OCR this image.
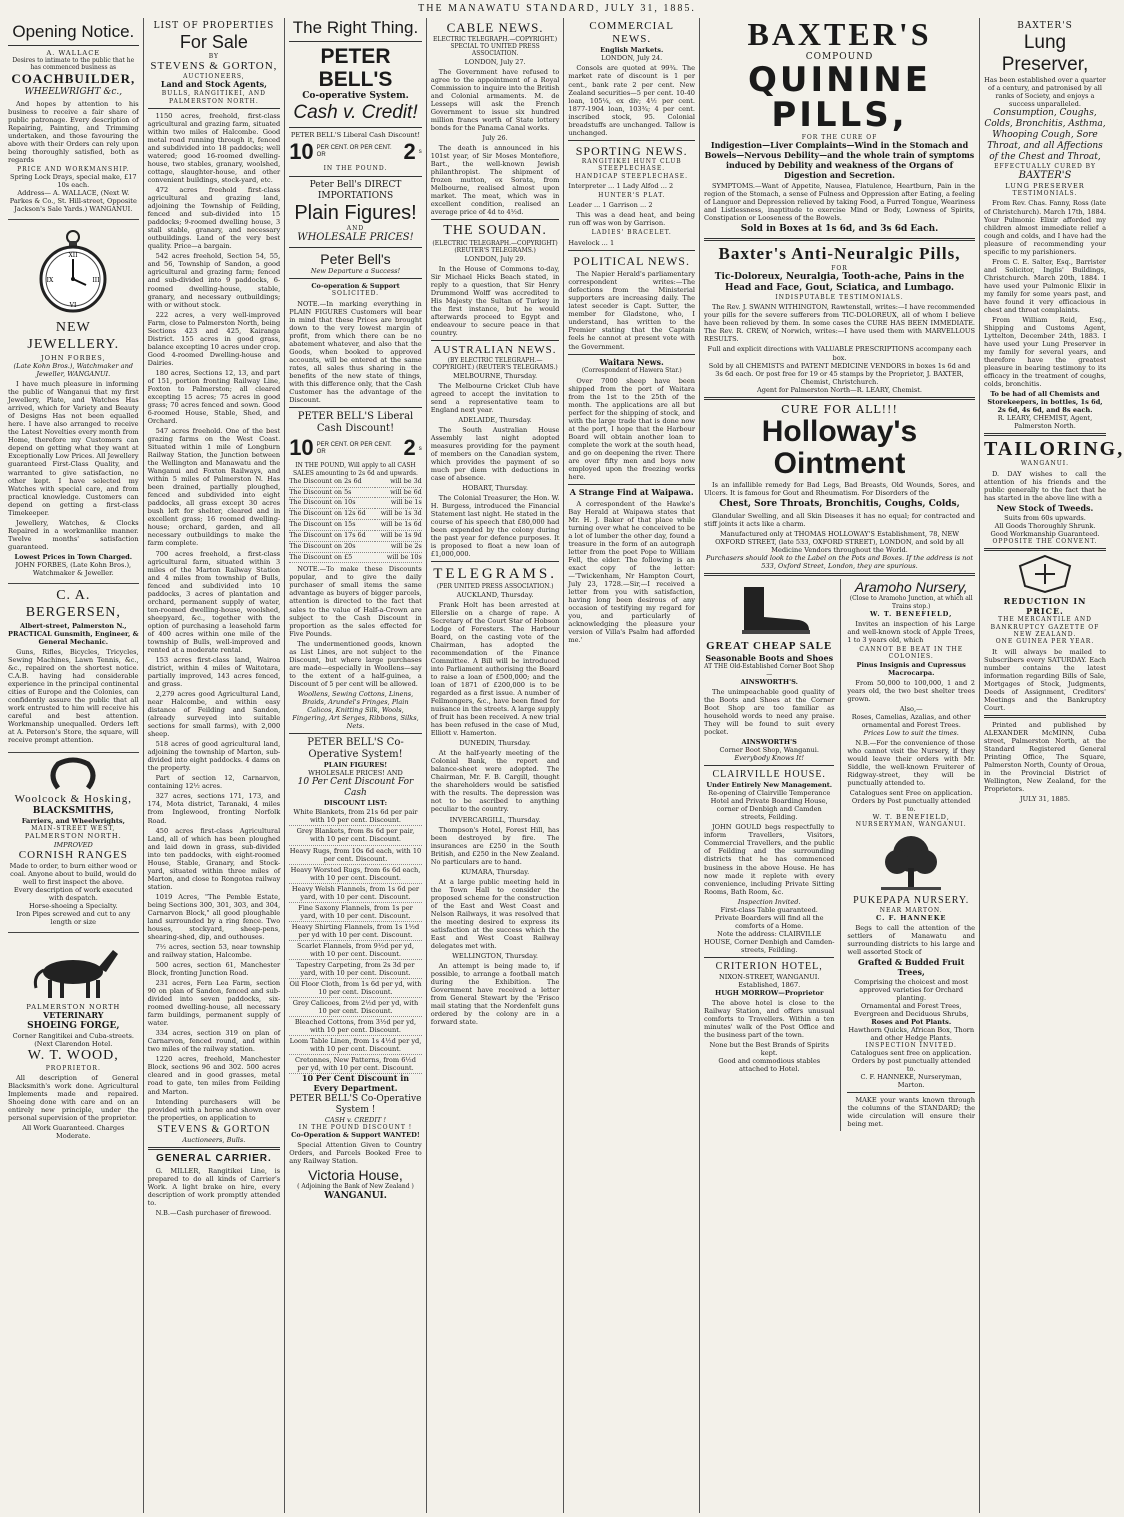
THE MANAWATU STANDARD, JULY 31, 1885.
Opening Notice.
A. WALLACE
Desires to intimate to the public that he has commenced business as
COACHBUILDER,
WHEELWRIGHT &c.,
And hopes by attention to his business to receive a fair share of public patronage. Every description of Repairing, Painting, and Trimming undertaken, and those favouring the above with their Orders can rely upon being thoroughly satisfied, both as regards
PRICE AND WORKMANSHIP.
Spring Lock Drays, special make, £17 10s each.
Address— A. WALLACE, (Next W. Parkes & Co., St. Hill-street, Opposite Jackson's Sale Yards.) WANGANUI.
XII
III
VI
IX
NEW JEWELLERY.
JOHN FORBES,
(Late Kohn Bros.), Watchmaker and Jeweller, WANGANUI.
I have much pleasure in informing the public of Wanganui that my first Jewellery, Plate, and Watches Has arrived, which for Variety and Beauty of Designs Has not been equalled here. I have also arranged to receive the Latest Novelties every month from Home, therefore my Customers can depend on getting what they want at Exceptionally Low Prices. All Jewellery guaranteed First-Class Quality, and warranted to give satisfaction, no other kept. I have selected my Watches with special care, and from practical knowledge. Customers can depend on getting a first-class Timekeeper.
Jewellery, Watches, & Clocks Repaired in a workmanlike manner. Twelve months' satisfaction guaranteed.
Lowest Prices in Town Charged.
JOHN FORBES, (Late Kohn Bros.), Watchmaker & Jeweller.
C. A. BERGERSEN,
Albert-street, Palmerston N., PRACTICAL Gunsmith, Engineer, & General Mechanic.
Guns, Rifles, Bicycles, Tricycles, Sewing Machines, Lawn Tennis, &c., &c., repaired on the shortest notice. C.A.B. having had considerable experience in the principal continental cities of Europe and the Colonies, can confidently assure the public that all work entrusted to him will receive his careful and best attention. Workmanship unequalled. Orders left at A. Peterson's Store, the square, will receive prompt attention.
Woolcock & Hosking,
BLACKSMITHS,
Farriers, and Wheelwrights,
MAIN-STREET WEST,
PALMERSTON NORTH.
IMPROVED
CORNISH RANGES
Made to order, to burn either wood or coal. Anyone about to build, would do well to first inspect the above.
Every description of work executed with despatch.
Horse-shoeing a Specialty.
Iron Pipes screwed and cut to any length or size
PALMERSTON NORTH
VETERINARY
SHOEING FORGE,
Corner Rangitikei and Cuba-streets. (Next Clarendon Hotel.
W. T. WOOD,
PROPRIETOR.
All description of General Blacksmith's work done. Agricultural Implements made and repaired. Shoeing done with care and on an entirely new principle, under the personal supervision of the proprietor.
All Work Guaranteed. Charges Moderate.
LIST OF PROPERTIES
For Sale
BY
STEVENS & GORTON,
AUCTIONEERS,
Land and Stock Agents,
BULLS, RANGITIKEI, AND PALMERSTON NORTH.
1150 acres, freehold, first-class agricultural and grazing farm, situated within two miles of Halcombe. Good metal road running through it, fenced and subdivided into 18 paddocks; well watered; good 16-roomed dwelling-house, two stables, granary, woolshed, cottage, slaughter-house, and other convenient buildings, stock-yard, etc.
472 acres freehold first-class agricultural and grazing land, adjoining the Township of Feilding, fenced and sub-divided into 15 paddocks; 9-roomed dwelling house, 3 stall stable, granary, and necessary outbuildings. Land of the very best quality. Price—a bargain.
542 acres freehold, Section 54, 55, and 56, Township of Sandon, a good agricultural and grazing farm; fenced and sub-divided into 9 paddocks, 6-roomed dwelling-house, stable, granary, and necessary outbuildings; with or without stock.
222 acres, a very well-improved Farm, close to Palmerston North, being Sections 423 and 425, Kairanga District. 155 acres in good grass, balance excepting 10 acres under crop. Good 4-roomed Dwelling-house and Dairies.
180 acres, Sections 12, 13, and part of 151, portion fronting Railway Line, Foxton to Palmerston; all cleared excepting 15 acres; 75 acres in good grass; 70 acres fenced and sown. Good 6-roomed House, Stable, Shed, and Orchard.
547 acres freehold. One of the best grazing farms on the West Coast. Situated within 1 mile of Longburn Railway Station, the Junction between the Wellington and Manawatu and the Wanganui and Foxton Railways, and within 5 miles of Palmerston N. Has been drained, partially ploughed, fenced and subdivided into eight paddocks, all grass except 30 acres bush left for shelter, cleared and in excellent grass; 16 roomed dwelling-house; orchard, garden, and all necessary outbuildings to make the farm complete.
700 acres freehold, a first-class agricultural farm, situated within 3 miles of the Marton Railway Station and 4 miles from township of Bulls, fenced and subdivided into 10 paddocks, 3 acres of plantation and orchard, permanent supply of water, ten-roomed dwelling-house, woolshed, sheepyard, &c., together with the option of purchasing a leasehold farm of 400 acres within one mile of the township of Bulls, well-improved and rented at a moderate rental.
153 acres first-class land, Wairoa district, within 4 miles of Waitotara, partially improved, 143 acres fenced, and grass.
2,279 acres good Agricultural Land, near Halcombe, and within easy distance of Feilding and Sandon, (already surveyed into suitable sections for small farms), with 2,000 sheep.
518 acres of good agricultural land, adjoining the township of Marton, sub-divided into eight paddocks. 4 dams on the property.
Part of section 12, Carnarvon, containing 12½ acres.
327 acres, sections 171, 173, and 174, Mota district, Taranaki, 4 miles from Inglewood, fronting Norfolk Road.
450 acres first-class Agricultural Land, all of which has been ploughed and laid down in grass, sub-divided into ten paddocks, with eight-roomed House, Stable, Granary, and Stock-yard, situated within three miles of Marton, and close to Rongotea railway station.
1019 Acres, "The Pemble Estate, being Sections 300, 301, 303, and 304, Carnarvon Block," all good ploughable land surrounded by a ring fence. Two houses, stockyard, sheep-pens, shearing-shed, dip, and outhouses.
7½ acres, section 53, near township and railway station, Halcombe.
500 acres, section 61, Manchester Block, fronting Junction Road.
231 acres, Fern Lea Farm, section 90 on plan of Sandon, fenced and sub-divided into seven paddocks, six-roomed dwelling-house, all necessary farm buildings, permanent supply of water.
334 acres, section 319 on plan of Carnarvon, fenced round, and within two miles of the railway station.
1220 acres, freehold, Manchester Block, sections 96 and 302. 500 acres cleared and in good grasses, metal road to gate, ten miles from Feilding and Marton.
Intending purchasers will be provided with a horse and shown over the properties, on application to
STEVENS & GORTON
Auctioneers, Bulls.
GENERAL CARRIER.
G. MILLER, Rangitikei Line, is prepared to do all kinds of Carrier's Work. A light brake on hire, every description of work promptly attended to.
N.B.—Cash purchaser of firewood.
The Right Thing.
PETER BELL'S
Co-operative System.
Cash v. Credit!
PETER BELL'S Liberal Cash Discount!
10 PER CENT. OR PER CENT. OR	2 s
IN THE POUND.
Peter Bell's DIRECT IMPORTATIONS
Plain Figures!
AND
WHOLESALE PRICES!
Peter Bell's
New Departure a Success!
Co-operation & Support
SOLICITED.
NOTE.—In marking everything in PLAIN FIGURES Customers will bear in mind that these Prices are brought down to the very lowest margin of profit, from which there can be no abatement whatever, and also that the Goods, when booked to approved accounts, will be entered at the same rates, all sales thus sharing in the benefits of the new state of things, with this difference only, that the Cash Customer has the advantage of the Discount.
PETER BELL'S Liberal Cash Discount!
10 PER CENT. OR PER CENT. OR	2 s
IN THE POUND, Will apply to all CASH SALES amounting to 2s 6d and upwards.
The Discount on 2s 6d	will be 3d
The Discount on 5s	will be 6d
The Discount on 10s	will be 1s
The Discount on 12s 6d	will be 1s 3d
The Discount on 15s	will be 1s 6d
The Discount on 17s 6d	will be 1s 9d
The Discount on 20s	will be 2s
The Discount on £5	will be 10s
NOTE.—To make these Discounts popular, and to give the daily purchaser of small items the same advantage as buyers of bigger parcels, attention is directed to the fact that sales to the value of Half-a-Crown are subject to the Cash Discount in proportion as the sales effected for Five Pounds.
The undermentioned goods, known as List Lines, are not subject to the Discount, but where large purchases are made—especially in Woollens—say to the extent of a half-guinea, a Discount of 5 per cent will be allowed.
Woollens, Sewing Cottons, Linens, Braids, Arundel's Fringes, Plain Calicos, Knitting Silk, Wools, Fingering, Art Serges, Ribbons, Silks, Nets.
PETER BELL'S Co-Operative System!
PLAIN FIGURES!
WHOLESALE PRICES! AND
10 Per Cent Discount For Cash
DISCOUNT LIST:
White Blankets, from 21s 6d per pair with 10 per cent. Discount.
Grey Blankets, from 8s 6d per pair, with 10 per cent. Discount.
Heavy Rugs, from 10s 6d each, with 10 per cent. Discount.
Heavy Worsted Rugs, from 6s 6d each, with 10 per cent. Discount.
Heavy Welsh Flannels, from 1s 6d per yard, with 10 per cent. Discount.
Fine Saxony Flannels, from 1s per yard, with 10 per cent. Discount.
Heavy Shirting Flannels, from 1s 1½d per yd with 10 per cent. Discount.
Scarlet Flannels, from 9½d per yd, with 10 per cent. Discount.
Tapestry Carpeting, from 2s 3d per yard, with 10 per cent. Discount.
Oil Floor Cloth, from 1s 6d per yd, with 10 per cent. Discount.
Grey Calicoes, from 2½d per yd, with 10 per cent. Discount.
Bleached Cottons, from 3½d per yd, with 10 per cent. Discount.
Loom Table Linen, from 1s 4½d per yd, with 10 per cent. Discount.
Cretonnes, New Patterns, from 6½d per yd, with 10 per cent. Discount.
10 Per Cent Discount in Every Department.
PETER BELL'S Co-Operative System !
CASH v. CREDIT !
IN THE POUND DISCOUNT !
Co-Operation & Support WANTED!
Special Attention Given to Country Orders, and Parcels Booked Free to any Railway Station.
Victoria House,
( Adjoining the Bank of New Zealand )
WANGANUI.
CABLE NEWS.
ELECTRIC TELEGRAPH.—COPYRIGHT.) SPECIAL TO UNITED PRESS ASSOCIATION.
LONDON, July 27.
The Government have refused to agree to the appointment of a Royal Commission to inquire into the British and Colonial armaments. M. de Lesseps will ask the French Government to issue six hundred million francs worth of State lottery bonds for the Panama Canal works.
July 26.
The death is announced in his 101st year, of Sir Moses Montefiore, Bart., the well-known Jewish philanthropist. The shipment of frozen mutton, ex Sorata, from Melbourne, realised almost upon market. The meat, which was in excellent condition, realised an average price of 4d to 4½d.
THE SOUDAN.
(ELECTRIC TELEGRAPH.—COPYRIGHT) (REUTER'S TELEGRAMS.)
LONDON, July 29.
In the House of Commons to-day, Sir Michael Hicks Beach stated, in reply to a question, that Sir Henry Drummond Wolff was accredited to His Majesty the Sultan of Turkey in the first instance, but he would afterwards proceed to Egypt and endeavour to secure peace in that country.
AUSTRALIAN NEWS.
(BY ELECTRIC TELEGRAPH.—COPYRIGHT.) (REUTER'S TELEGRAMS.)
MELBOURNE, Thursday.
The Melbourne Cricket Club have agreed to accept the invitation to send a representative team to England next year.
ADELAIDE, Thursday.
The South Australian House Assembly last night adopted measures providing for the payment of members on the Canadian system, which provides the payment of so much per diem with deductions in case of absence.
HOBART, Thursday.
The Colonial Treasurer, the Hon. W. H. Burgess, introduced the Financial Statement last night. He stated in the course of his speech that £80,000 had been expended by the colony during the past year for defence purposes. It is proposed to float a new loan of £1,000,000.
TELEGRAMS.
(PER UNITED PRESS ASSOCIATION.)
AUCKLAND, Thursday.
Frank Holt has been arrested at Ellerslie on a charge of rape. A Secretary of the Court Star of Hobson Lodge of Foresters. The Harbour Board, on the casting vote of the Chairman, has adopted the recommendation of the Finance Committee. A Bill will be introduced into Parliament authorising the Board to raise a loan of £500,000; and the loan of 1871 of £200,000 is to be regarded as a first issue. A number of Fellmongers, &c., have been fined for nuisance in the streets. A large supply of fruit has been received. A new trial has been refused in the case of Mud, Elliott v. Hamerton.
DUNEDIN, Thursday.
At the half-yearly meeting of the Colonial Bank, the report and balance-sheet were adopted. The Chairman, Mr. F. B. Cargill, thought the shareholders would be satisfied with the results. The depression was not to be ascribed to anything peculiar to the country.
INVERCARGILL, Thursday.
Thompson's Hotel, Forest Hill, has been destroyed by fire. The insurances are £250 in the South British, and £250 in the New Zealand. No particulars are to hand.
KUMARA, Thursday.
At a large public meeting held in the Town Hall to consider the proposed scheme for the construction of the East and West Coast and Nelson Railways, it was resolved that the meeting desired to express its satisfaction at the success which the East and West Coast Railway delegates met with.
WELLINGTON, Thursday.
An attempt is being made to, if possible, to arrange a football match during the Exhibition. The Government have received a letter from General Stewart by the 'Frisco mail stating that the Nordenfelt guns ordered by the colony are in a forward state.
COMMERCIAL NEWS.
English Markets.
LONDON, July 24.
Consols are quoted at 99¾. The market rate of discount is 1 per cent., bank rate 2 per cent. New Zealand securities—5 per cent. 10-40 loan, 105¼, ex div; 4½ per cent. 1877-1904 loan, 103¾; 4 per cent. inscribed stock, 95. Colonial breadstuffs are unchanged. Tallow is unchanged.
SPORTING NEWS.
RANGITIKEI HUNT CLUB STEEPLECHASE.
HANDICAP STEEPLECHASE.
Interpreter ... 1 Lady Alfod ... 2
HUNTER'S PLAT.
Leader ... 1 Garrison ... 2
This was a dead heat, and being run off was won by Garrison.
LADIES' BRACELET.
Havelock ... 1
POLITICAL NEWS.
The Napier Herald's parliamentary correspondent writes:—The defections from the Ministerial supporters are increasing daily. The latest seceder is Capt. Sutter, the member for Gladstone, who, I understand, has written to the Premier stating that the Captain feels he cannot at present vote with the Government.
Waitara News.
(Correspondent of Hawera Star.)
Over 7000 sheep have been shipped from the port of Waitara from the 1st to the 25th of the month. The applications are all but perfect for the shipping of stock, and with the large trade that is done now at the port, I hope that the Harbour Board will obtain another loan to complete the work at the south head, and go on deepening the river. There are over fifty men and boys now employed upon the freezing works here.
A Strange Find at Waipawa.
A correspondent of the Hawke's Bay Herald at Waipawa states that Mr. H. J. Baker of that place while turning over what he conceived to be a lot of lumber the other day, found a treasure in the form of an autograph letter from the poet Pope to William Fell, the elder. The following is an exact copy of the letter:—'Twickenham, Nr Hampton Court, July 23, 1728.—Sir,—I received a letter from you with satisfaction, having long been desirous of any occasion of testifying my regard for you, and particularly of acknowledging the pleasure your version of Villa's Psalm had afforded me.'
BAXTER'S
COMPOUND
QUININE PILLS,
FOR THE CURE OF
Indigestion—Liver Complaints—Wind in the Stomach and Bowels—Nervous Debility—and the whole train of symptoms induced by Debility and weakness of the Organs of Digestion and Secretion.
SYMPTOMS.—Want of Appetite, Nausea, Flatulence, Heartburn, Pain in the region of the Stomach, a sense of Fulness and Oppression after Eating, a feeling of Languor and Depression relieved by taking Food, a Furred Tongue, Weariness and Listlessness, inaptitude to exercise Mind or Body, Lowness of Spirits, Constipation or Looseness of the Bowels.
Sold in Boxes at 1s 6d, and 3s 6d Each.
Baxter's Anti-Neuralgic Pills,
FOR
Tic-Doloreux, Neuralgia, Tooth-ache, Pains in the Head and Face, Gout, Sciatica, and Lumbago.
INDISPUTABLE TESTIMONIALS.
The Rev. J. SWANN WITHINGTON, Rawtenstall, writes:—I have recommended your pills for the severe sufferers from TIC-DOLOREUX, all of whom I believe have been relieved by them. In some cases the CURE HAS BEEN IMMEDIATE. The Rev. R. CREW, of Norwich, writes:—I have used them with MARVELLOUS RESULTS.
Full and explicit directions with VALUABLE PRESCRIPTIONS accompany each box.
Sold by all CHEMISTS and PATENT MEDICINE VENDORS in boxes 1s 6d and 3s 6d each. Or post free for 19 or 45 stamps by the Proprietor, J. BAXTER, Chemist, Christchurch.
Agent for Palmerston North—R. LEARY, Chemist.
CURE FOR ALL!!!
Holloway's Ointment
Is an infallible remedy for Bad Legs, Bad Breasts, Old Wounds, Sores, and Ulcers. It is famous for Gout and Rheumatism. For Disorders of the
Chest, Sore Throats, Bronchitis, Coughs, Colds,
Glandular Swelling, and all Skin Diseases it has no equal; for contracted and stiff joints it acts like a charm.
Manufactured only at THOMAS HOLLOWAY'S Establishment, 78, NEW OXFORD STREET, (late 533, OXFORD STREET), LONDON, and sold by all Medicine Vendors throughout the World.
Purchasers should look to the Label on the Pots and Boxes. If the address is not 533, Oxford Street, London, they are spurious.
GREAT CHEAP SALE
Seasonable Boots and Shoes
AT THE Old-Established Corner Boot Shop—
AINSWORTH'S.
The unimpeachable good quality of the Boots and Shoes at the Corner Boot Shop are too familiar as household words to need any praise. They will be found to suit every pocket.
AINSWORTH'S
Corner Boot Shop, Wanganui.
Everybody Knows It!
CLAIRVILLE HOUSE.
Under Entirely New Management.
Re-opening of Clairville Temperance Hotel and Private Boarding House, corner of Denbigh and Camden streets, Feilding.
JOHN GOULD begs respectfully to inform Travellers, Visitors, Commercial Travellers, and the public of Feilding and the surrounding districts that he has commenced business in the above House. He has now made it replete with every convenience, including Private Sitting Rooms, Bath Room, &c.
Inspection Invited.
First-class Table guaranteed.
Private Boarders will find all the comforts of a Home.
Note the address: CLAIRVILLE HOUSE, Corner Denbigh and Camden-streets, Feilding.
CRITERION HOTEL,
NIXON-STREET, WANGANUI. Established, 1867.
HUGH MORROW—Proprietor
The above hotel is close to the Railway Station, and offers unusual comforts to Travellers. Within a ten minutes' walk of the Post Office and the business part of the town.
None but the Best Brands of Spirits kept.
Good and commodious stables attached to Hotel.
Aramoho Nursery,
(Close to Aramoho Junction, at which all Trains stop.)
W. T. BENEFIELD,
Invites an inspection of his Large and well-known stock of Apple Trees, 1 to 3 years old, which
CANNOT BE BEAT IN THE COLONIES.
Pinus Insignis and Cupressus Macrocarpa.
From 50,000 to 100,000, 1 and 2 years old, the two best shelter trees grown.
Also,—
Roses, Camelias, Azalias, and other ornamental and Forest Trees.
Prices Low to suit the times.
N.B.—For the convenience of those who cannot visit the Nursery, if they would leave their orders with Mr. Siddle, the well-known Fruiterer of Ridgway-street, they will be punctually attended to.
Catalogues sent Free on application.
Orders by Post punctually attended to.
W. T. BENEFIELD,
NURSERYMAN, WANGANUI.
PUKEPAPA NURSERY.
NEAR MARTON.
C. F. HANNEKE
Begs to call the attention of the settlers of Manawatu and surrounding districts to his large and well assorted Stock of
Grafted & Budded Fruit Trees,
Comprising the choicest and most approved varieties for Orchard planting.
Ornamental and Forest Trees, Evergreen and Deciduous Shrubs,
Roses and Pot Plants.
Hawthorn Quicks, African Box, Thorn and other Hedge Plants.
INSPECTION INVITED.
Catalogues sent free on application.
Orders by post punctually attended to.
C. F. HANNEKE, Nurseryman, Marton.
MAKE your wants known through the columns of the STANDARD; the wide circulation will ensure their being met.
BAXTER'S
Lung Preserver,
Has been established over a quarter of a century, and patronised by all ranks of Society, and enjoys a success unparalleled.
Consumption, Coughs, Colds, Bronchitis, Asthma, Whooping Cough, Sore Throat, and all Affections of the Chest and Throat,
EFFECTUALLY CURED BY
BAXTER'S
LUNG PRESERVER
TESTIMONIALS.
From Rev. Chas. Fanny, Ross (late of Christchurch). March 17th, 1884. Your Pulmonic Elixir afforded my children almost immediate relief a cough and colds, and I have had the pleasure of recommending your specific to my parishioners.
From C. E. Salter, Esq., Barrister and Solicitor, Inglis' Buildings, Christchurch. March 20th, 1884. I have used your Pulmonic Elixir in my family for some years past, and have found it very efficacious in chest and throat complaints.
From William Reid, Esq., Shipping and Customs Agent, Lyttelton, December 24th, 1883. I have used your Lung Preserver in my family for several years, and therefore have the greatest pleasure in bearing testimony to its efficacy in the treatment of coughs, colds, bronchitis.
To be had of all Chemists and Storekeepers, in bottles, 1s 6d, 2s 6d, 4s 6d, and 8s each.
R. LEARY, CHEMIST, Agent, Palmerston North.
TAILORING,
WANGANUI.
D. DAY wishes to call the attention of his friends and the public generally to the fact that he has started in the above line with a
New Stock of Tweeds.
Suits from 60s upwards.
All Goods Thoroughly Shrunk.
Good Workmanship Guaranteed.
OPPOSITE THE CONVENT.
REDUCTION IN PRICE.
THE MERCANTILE AND BANKRUPTCY GAZETTE OF NEW ZEALAND.
ONE GUINEA PER YEAR.
It will always be mailed to Subscribers every SATURDAY. Each number contains the latest information regarding Bills of Sale, Mortgages of Stock, Judgments, Deeds of Assignment, Creditors' Meetings and the Bankruptcy Court.
Printed and published by ALEXANDER McMINN, Cuba street, Palmerston North, at the Standard Registered General Printing Office, The Square, Palmerston North, County of Oroua, in the Provincial District of Wellington, New Zealand, for the Proprietors.
JULY 31, 1885.
